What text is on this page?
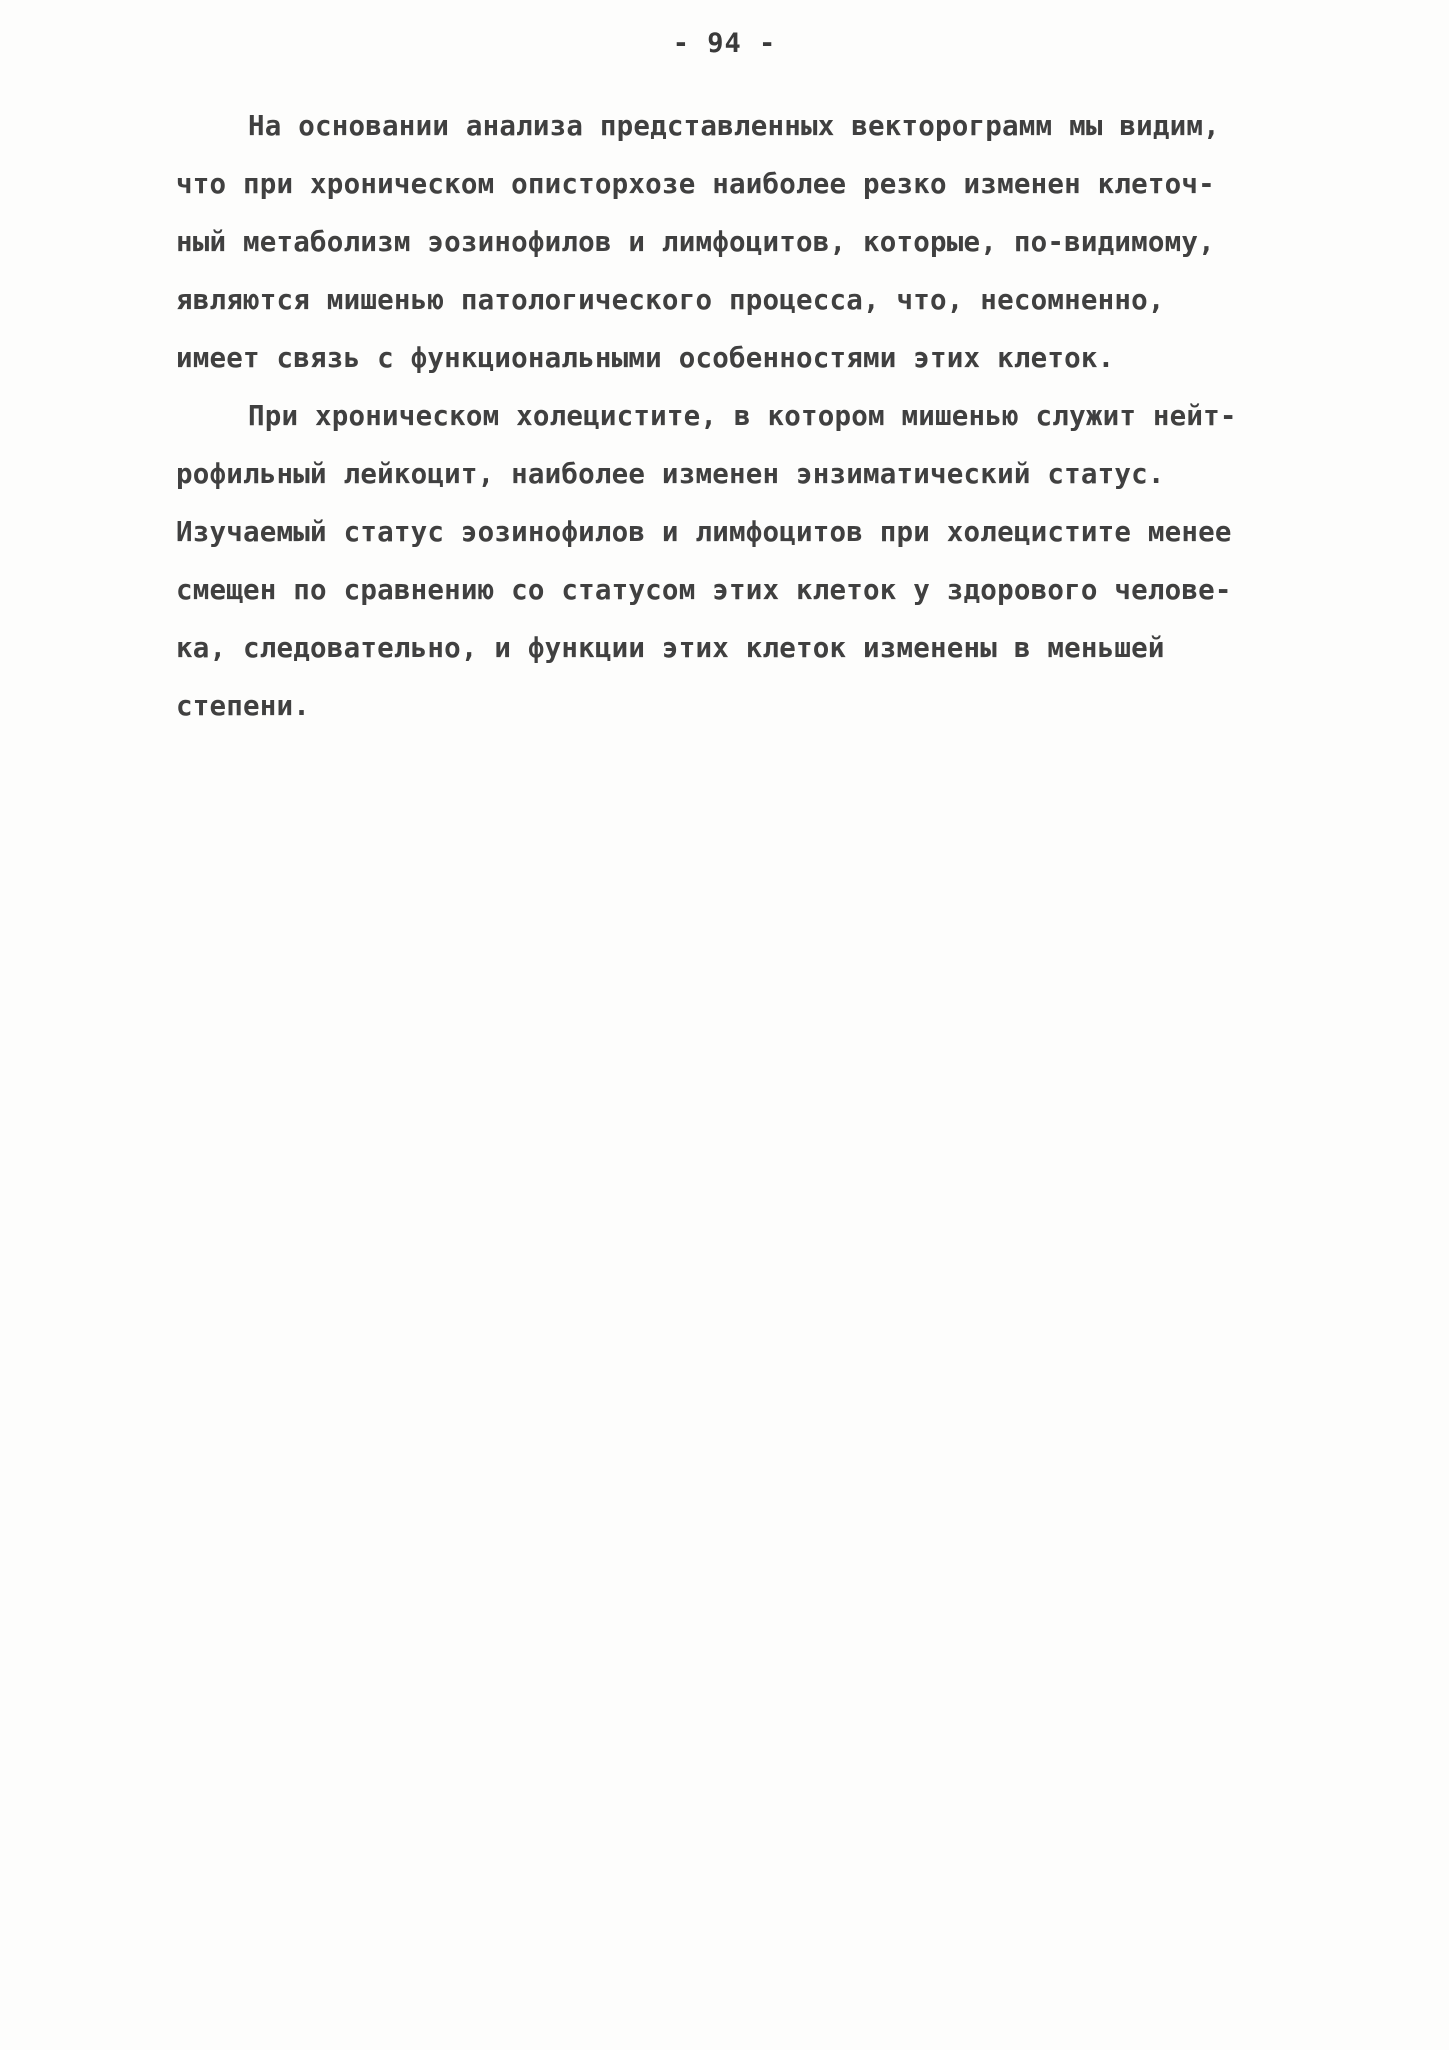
- 94 -
На основании анализа представленных векторограмм мы видим,
что при хроническом описторхозе наиболее резко изменен клеточ-
ный метаболизм эозинофилов и лимфоцитов, которые, по-видимому,
являются мишенью патологического процесса, что, несомненно,
имеет связь с функциональными особенностями этих клеток.
При хроническом холецистите, в котором мишенью служит нейт-
рофильный лейкоцит, наиболее изменен энзиматический статус.
Изучаемый статус эозинофилов и лимфоцитов при холецистите менее
смещен по сравнению со статусом этих клеток у здорового челове-
ка, следовательно, и функции этих клеток изменены в меньшей
степени.
